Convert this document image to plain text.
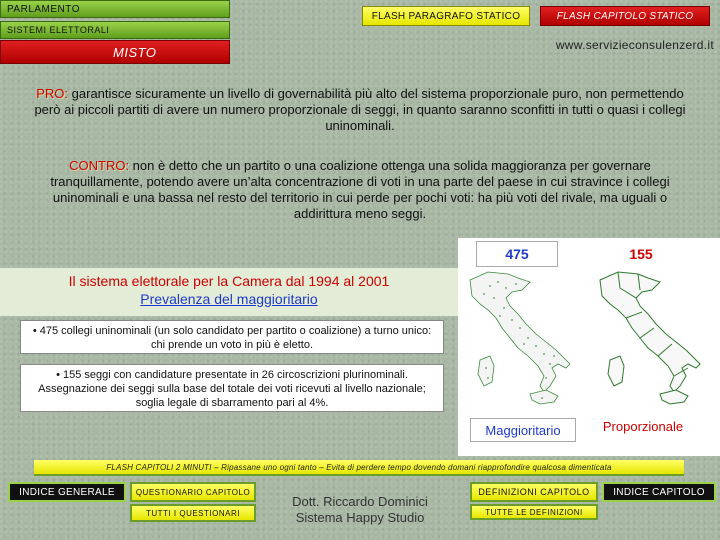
PARLAMENTO
SISTEMI ELETTORALI
MISTO
FLASH PARAGRAFO STATICO	FLASH CAPITOLO STATICO
www.servizieconsulenzerd.it
PRO: garantisce sicuramente un livello di governabilità più alto del sistema proporzionale puro, non permettendo però ai piccoli partiti di avere un numero proporzionale di seggi, in quanto saranno sconfitti in tutti o quasi i collegi uninominali.
CONTRO: non è detto che un partito o una coalizione ottenga una solida maggioranza per governare tranquillamente, potendo avere un’alta concentrazione di voti in una parte del paese in cui stravince i collegi uninominali e una bassa nel resto del territorio in cui perde per pochi voti: ha più voti del rivale, ma uguali o addirittura meno seggi.
475	155
Maggioritario	Proporzionale
Il sistema elettorale per la Camera dal 1994 al 2001
Prevalenza del maggioritario
• 475 collegi uninominali (un solo candidato per partito o coalizione) a turno unico: chi prende un voto in più è eletto.
• 155 seggi con candidature presentate in 26 circoscrizioni plurinominali. Assegnazione dei seggi sulla base del totale dei voti ricevuti al livello nazionale; soglia legale di sbarramento pari al 4%.
FLASH CAPITOLI 2 MINUTI – Ripassane uno ogni tanto – Evita di perdere tempo dovendo domani riapprofondire qualcosa dimenticata
INDICE GENERALE	QUESTIONARIO CAPITOLO
TUTTI I QUESTIONARI
Dott. Riccardo Dominici
Sistema Happy Studio
DEFINIZIONI CAPITOLO
TUTTE LE DEFINIZIONI
INDICE CAPITOLO
